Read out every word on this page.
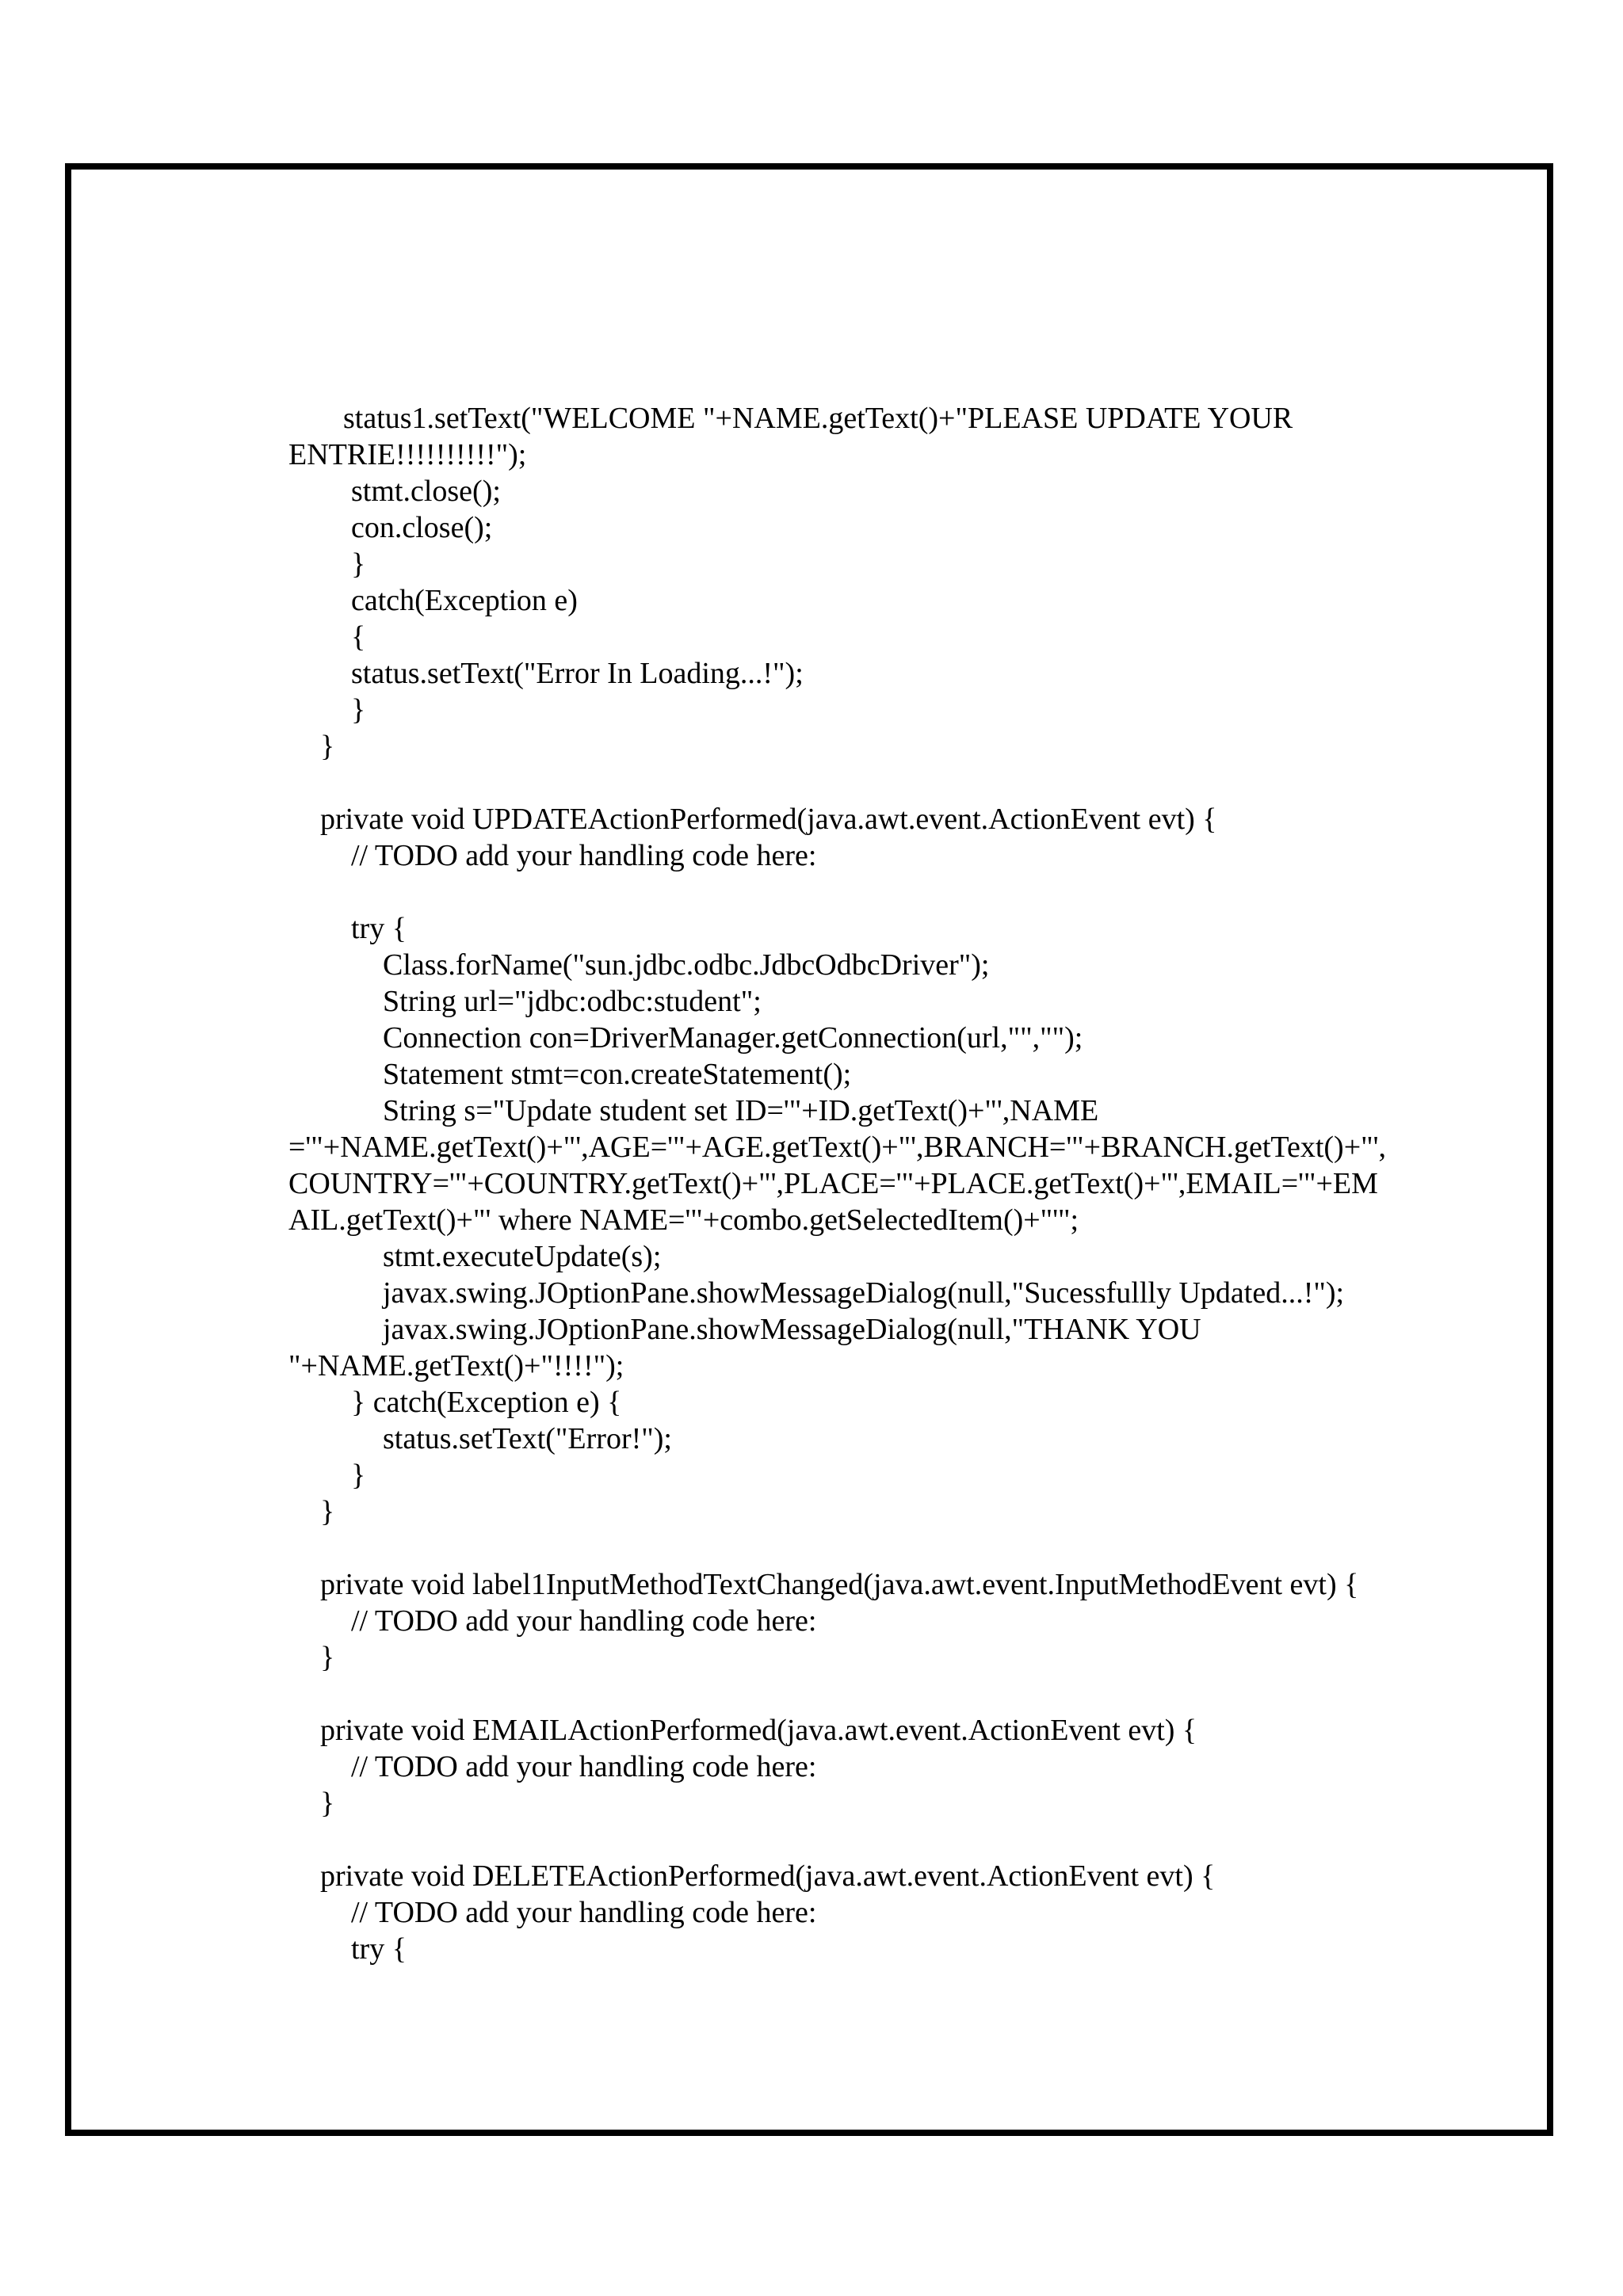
status1.setText("WELCOME "+NAME.getText()+"PLEASE UPDATE YOUR

ENTRIE!!!!!!!!!!");

stmt.close();

con.close();

}

catch(Exception e)

{

status.setText("Error In Loading...!");

}

}

private void UPDATEActionPerformed(java.awt.event.ActionEvent evt) {

// TODO add your handling code here:

try {

Class.forName("sun.jdbc.odbc.JdbcOdbcDriver");

String url="jdbc:odbc:student";

Connection con=DriverManager.getConnection(url,"","");

Statement stmt=con.createStatement();

String s="Update student set ID='"+ID.getText()+"',NAME

='"+NAME.getText()+"',AGE='"+AGE.getText()+"',BRANCH='"+BRANCH.getText()+"',

COUNTRY='"+COUNTRY.getText()+"',PLACE='"+PLACE.getText()+"',EMAIL='"+EM

AIL.getText()+"' where NAME='"+combo.getSelectedItem()+"'";

stmt.executeUpdate(s);

javax.swing.JOptionPane.showMessageDialog(null,"Sucessfullly Updated...!");

javax.swing.JOptionPane.showMessageDialog(null,"THANK YOU

"+NAME.getText()+"!!!!");

} catch(Exception e) {

status.setText("Error!");

}

}

private void label1InputMethodTextChanged(java.awt.event.InputMethodEvent evt) {

// TODO add your handling code here:

}

private void EMAILActionPerformed(java.awt.event.ActionEvent evt) {

// TODO add your handling code here:

}

private void DELETEActionPerformed(java.awt.event.ActionEvent evt) {

// TODO add your handling code here:

try {
